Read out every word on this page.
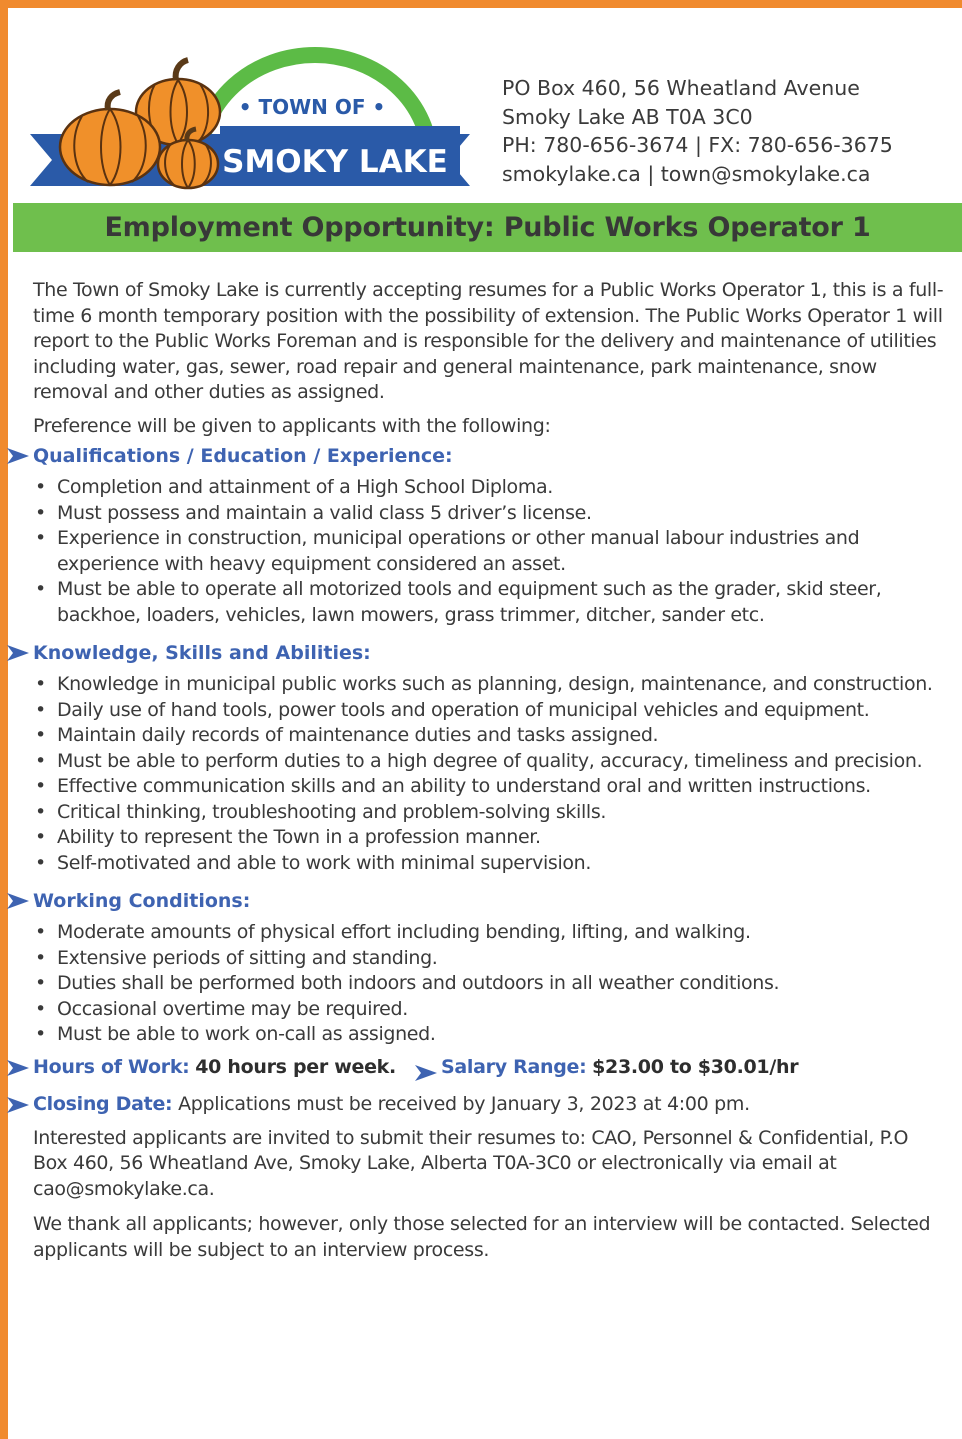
SMOKY LAKE
• TOWN OF •
PO Box 460, 56 Wheatland Avenue
Smoky Lake AB T0A 3C0
PH: 780-656-3674 | FX: 780-656-3675
smokylake.ca | town@smokylake.ca
Employment Opportunity: Public Works Operator 1

The Town of Smoky Lake is currently accepting resumes for a Public Works Operator 1, this is a full-time 6 month temporary position with the possibility of extension. The Public Works Operator 1 will report to the Public Works Foreman and is responsible for the delivery and maintenance of utilities including water, gas, sewer, road repair and general maintenance, park maintenance, snow removal and other duties as assigned.

Preference will be given to applicants with the following:

Qualifications / Education / Experience:
• Completion and attainment of a High School Diploma.
• Must possess and maintain a valid class 5 driver’s license.
• Experience in construction, municipal operations or other manual labour industries and experience with heavy equipment considered an asset.
• Must be able to operate all motorized tools and equipment such as the grader, skid steer, backhoe, loaders, vehicles, lawn mowers, grass trimmer, ditcher, sander etc.
Knowledge, Skills and Abilities:
• Knowledge in municipal public works such as planning, design, maintenance, and construction.
• Daily use of hand tools, power tools and operation of municipal vehicles and equipment.
• Maintain daily records of maintenance duties and tasks assigned.
• Must be able to perform duties to a high degree of quality, accuracy, timeliness and precision.
• Effective communication skills and an ability to understand oral and written instructions.
• Critical thinking, troubleshooting and problem-solving skills.
• Ability to represent the Town in a profession manner.
• Self-motivated and able to work with minimal supervision.
Working Conditions:
• Moderate amounts of physical effort including bending, lifting, and walking.
• Extensive periods of sitting and standing.
• Duties shall be performed both indoors and outdoors in all weather conditions.
• Occasional overtime may be required.
• Must be able to work on-call as assigned.
Hours of Work: 40 hours per week. Salary Range: $23.00 to $30.01/hr
Closing Date: Applications must be received by January 3, 2023 at 4:00 pm.

Interested applicants are invited to submit their resumes to: CAO, Personnel & Confidential, P.O Box 460, 56 Wheatland Ave, Smoky Lake, Alberta T0A-3C0 or electronically via email at cao@smokylake.ca.

We thank all applicants; however, only those selected for an interview will be contacted. Selected applicants will be subject to an interview process.
